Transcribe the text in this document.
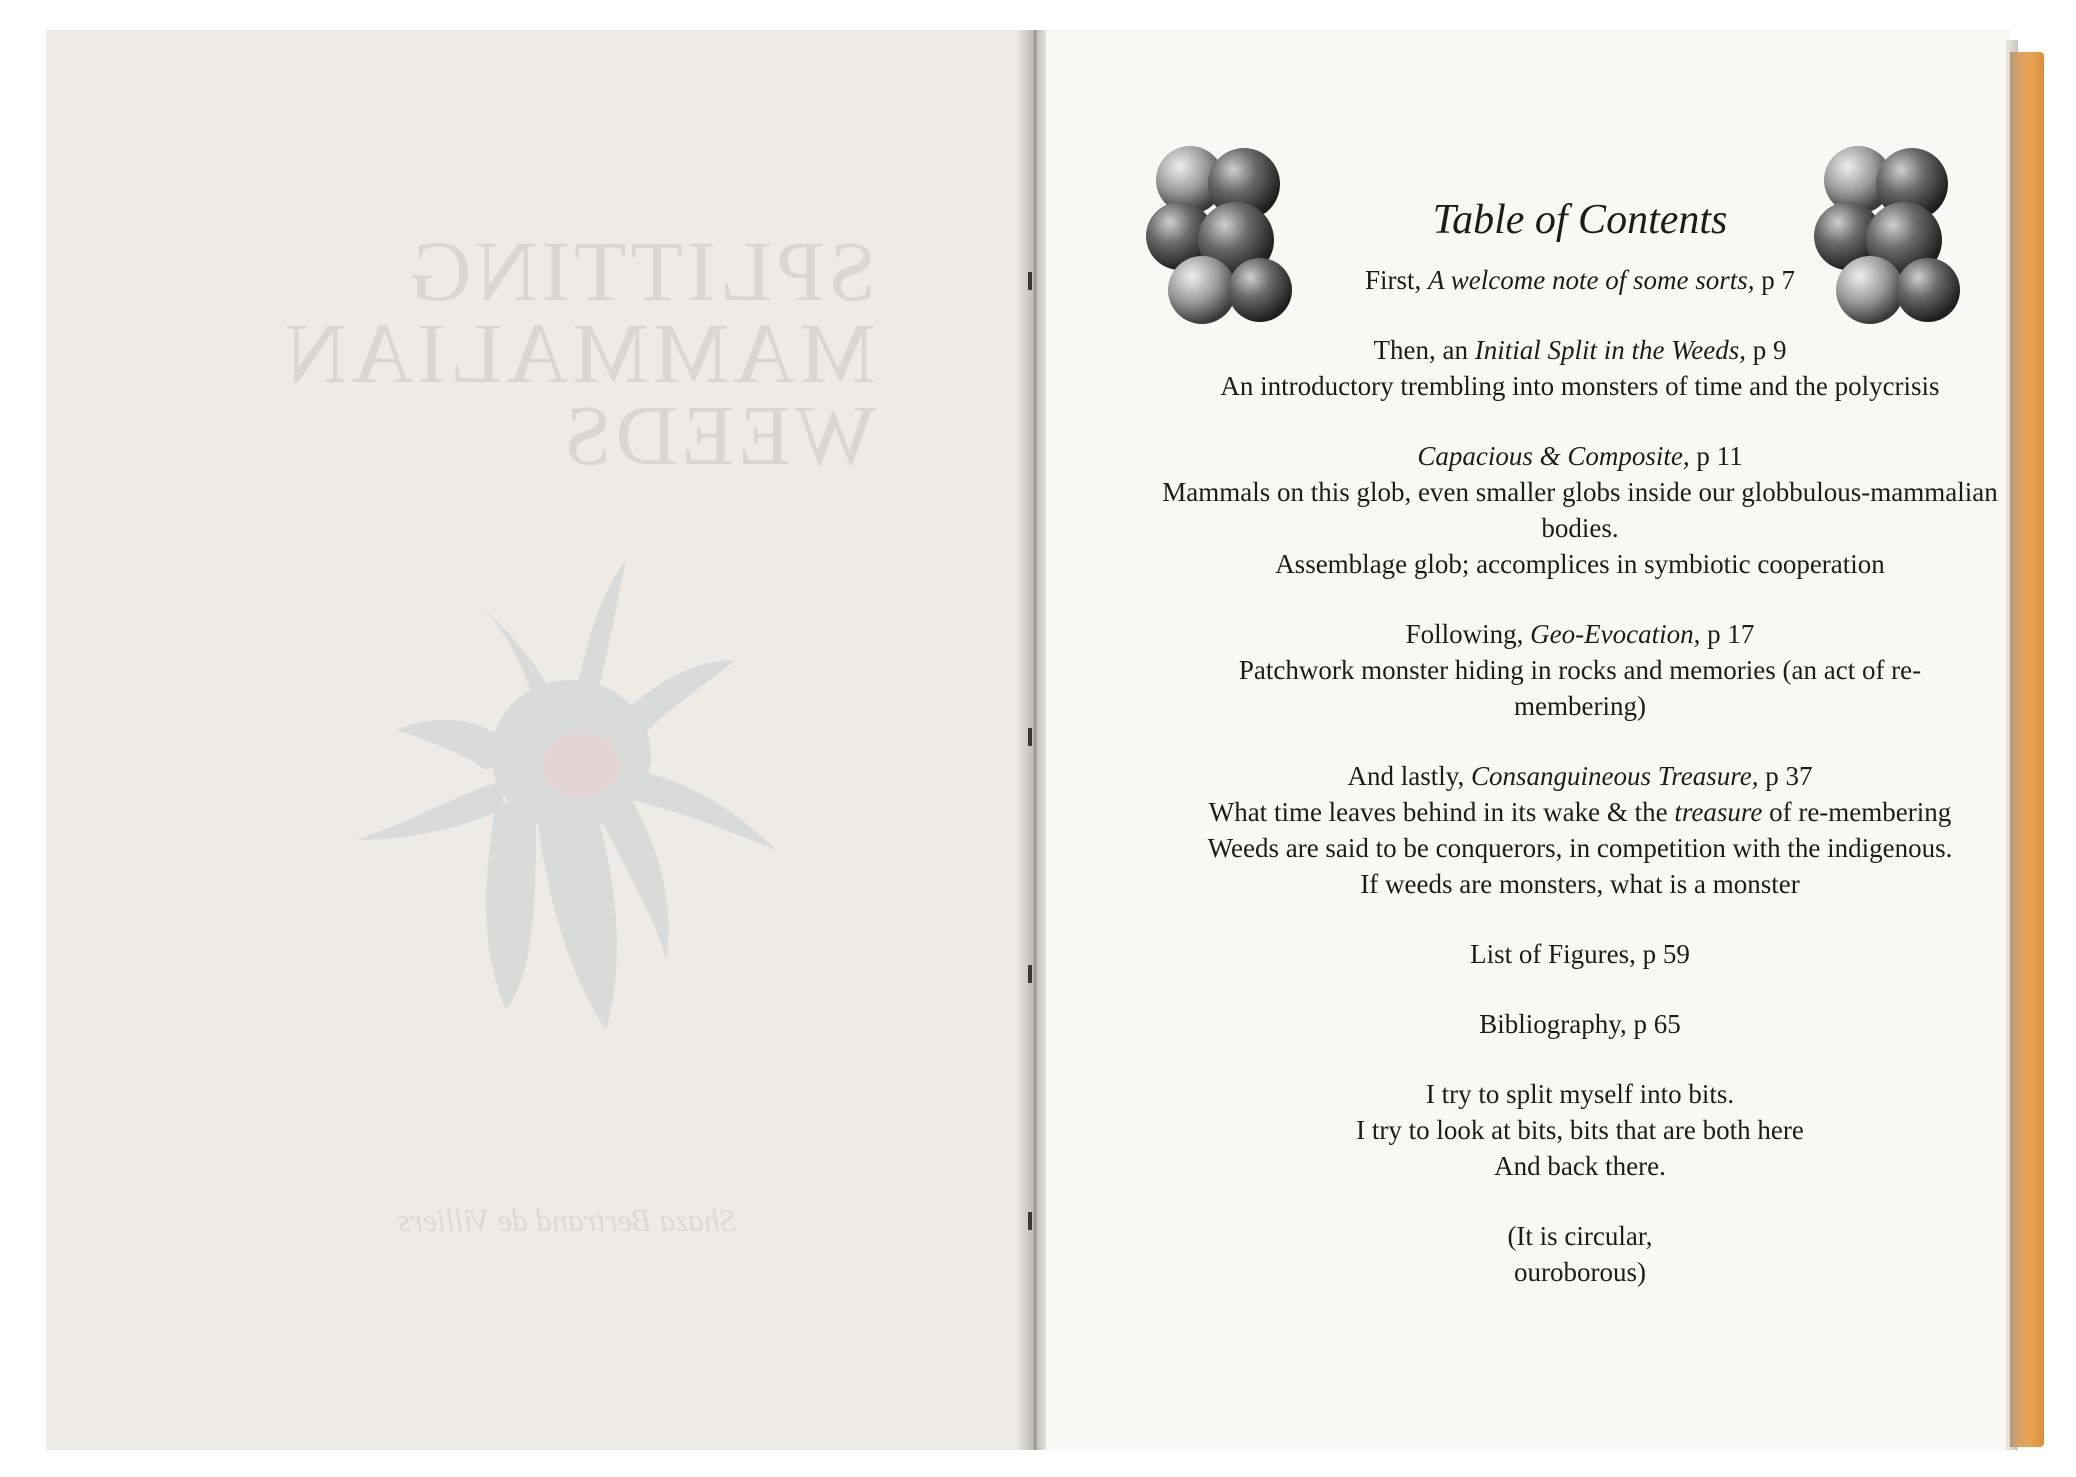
SPLITTING
MAMMALIAN
WEEDS
Shaza Bertrand de Villiers
Table of Contents
First, A welcome note of some sorts, p 7
Then, an Initial Split in the Weeds, p 9
An introductory trembling into monsters of time and the polycrisis
Capacious & Composite, p 11
Mammals on this glob, even smaller globs inside our globbulous-mammalian bodies.
Assemblage glob; accomplices in symbiotic cooperation
Following, Geo-Evocation, p 17
Patchwork monster hiding in rocks and memories (an act of re-membering)
And lastly, Consanguineous Treasure, p 37
What time leaves behind in its wake & the treasure of re-membering
Weeds are said to be conquerors, in competition with the indigenous.
If weeds are monsters, what is a monster
List of Figures, p 59
Bibliography, p 65
I try to split myself into bits.
I try to look at bits, bits that are both here
And back there.
(It is circular,
ouroborous)
